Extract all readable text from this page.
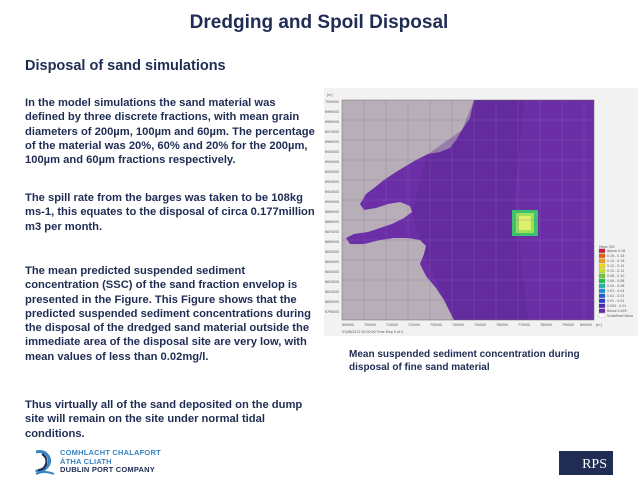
Dredging and Spoil Disposal
Disposal of sand simulations

In the model simulations the sand material was defined by three discrete fractions, with mean grain diameters of 200µm, 100µm and 60µm. The percentage of the material was 20%, 60% and 20% for the 200µm, 100µm and 60µm fractions respectively.

The spill rate from the barges was taken to be 108kg ms-1, this equates to the disposal of circa 0.177million m3 per month.

The mean predicted suspended sediment concentration (SSC) of the sand fraction envelop is presented in the Figure. This Figure shows that the predicted suspended sediment concentrations during the disposal of the dredged sand material outside the immediate area of the disposal site are very low, with mean values of less than 0.02mg/l.

Thus virtually all of the sand deposited on the dump site will remain on the site under normal tidal conditions.

[m]
7000000
6990000
6980000
6970000
6960000
6950000
6940000
6930000
6920000
6910000
6900000
6890000
6880000
6870000
6860000
6850000
6840000
6830000
6820000
6810000
6800000
6790000
690000	700000	710000	720000	730000	740000	750000	760000	770000	780000	790000 800000 [m]
01/08/2011 00:00:00 Time Step 0 of 0.
Mean SSC
Above 0.18
0.16 - 0.18
0.14 - 0.16
0.12 - 0.14
0.10 - 0.12
0.08 - 0.10
0.06 - 0.08
0.04 - 0.06
0.03 - 0.04
0.02 - 0.03
0.01 - 0.02
0.005 - 0.01
Below 0.005
Undefined Value
Mean suspended sediment concentration during disposal of fine sand material
COMHLACHT CHALAFORT
ÁTHA CLIATH
DUBLIN PORT COMPANY	RPS
